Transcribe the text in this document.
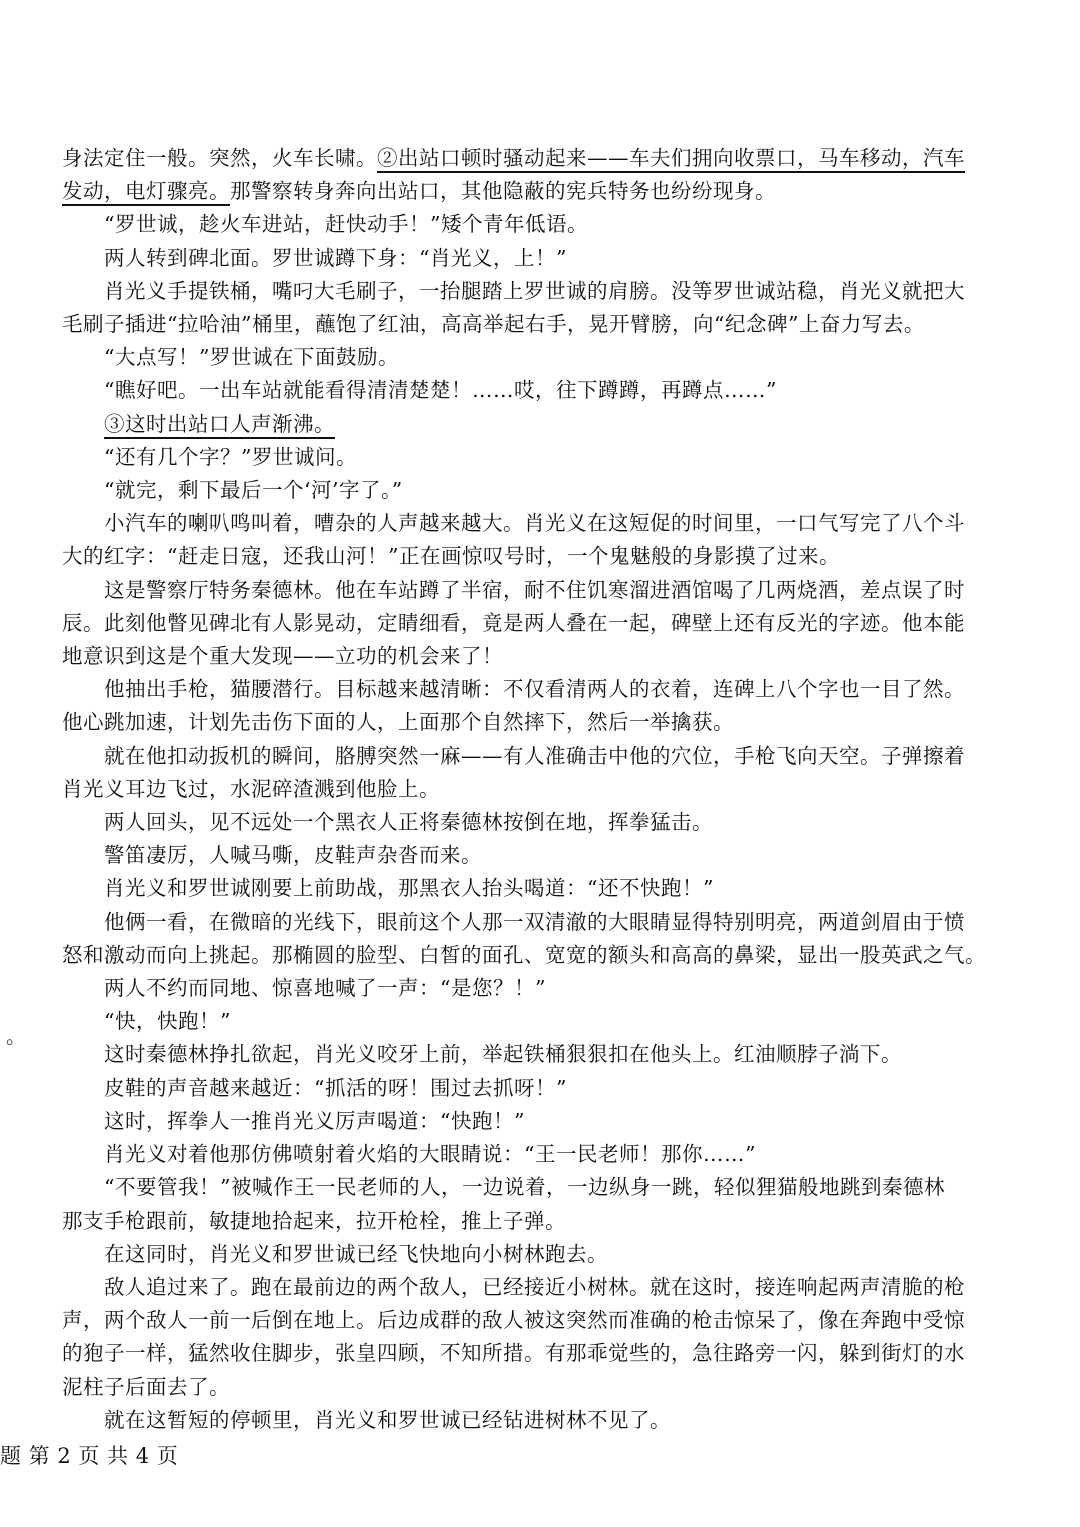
身法定住一般。突然，火车长啸。②出站口顿时骚动起来——车夫们拥向收票口，马车移动，汽车
发动，电灯骤亮。那警察转身奔向出站口，其他隐蔽的宪兵特务也纷纷现身。
“罗世诚，趁火车进站，赶快动手！”矮个青年低语。
两人转到碑北面。罗世诚蹲下身：“肖光义，上！”
肖光义手提铁桶，嘴叼大毛刷子，一抬腿踏上罗世诚的肩膀。没等罗世诚站稳，肖光义就把大
毛刷子插进“拉哈油”桶里，蘸饱了红油，高高举起右手，晃开臂膀，向“纪念碑”上奋力写去。
“大点写！”罗世诚在下面鼓励。
“瞧好吧。一出车站就能看得清清楚楚！……哎，往下蹲蹲，再蹲点……”
③这时出站口人声渐沸。
“还有几个字？”罗世诚问。
“就完，剩下最后一个‘河’字了。”
小汽车的喇叭鸣叫着，嘈杂的人声越来越大。肖光义在这短促的时间里，一口气写完了八个斗
大的红字：“赶走日寇，还我山河！”正在画惊叹号时，一个鬼魅般的身影摸了过来。
这是警察厅特务秦德林。他在车站蹲了半宿，耐不住饥寒溜进酒馆喝了几两烧酒，差点误了时
辰。此刻他瞥见碑北有人影晃动，定睛细看，竟是两人叠在一起，碑壁上还有反光的字迹。他本能
地意识到这是个重大发现——立功的机会来了！
他抽出手枪，猫腰潜行。目标越来越清晰：不仅看清两人的衣着，连碑上八个字也一目了然。
他心跳加速，计划先击伤下面的人，上面那个自然摔下，然后一举擒获。
就在他扣动扳机的瞬间，胳膊突然一麻——有人准确击中他的穴位，手枪飞向天空。子弹擦着
肖光义耳边飞过，水泥碎渣溅到他脸上。
两人回头，见不远处一个黑衣人正将秦德林按倒在地，挥拳猛击。
警笛凄厉，人喊马嘶，皮鞋声杂沓而来。
肖光义和罗世诚刚要上前助战，那黑衣人抬头喝道：“还不快跑！”
他俩一看，在微暗的光线下，眼前这个人那一双清澈的大眼睛显得特别明亮，两道剑眉由于愤
怒和激动而向上挑起。那椭圆的脸型、白皙的面孔、宽宽的额头和高高的鼻梁，显出一股英武之气。
两人不约而同地、惊喜地喊了一声：“是您？！”
“快，快跑！”
这时秦德林挣扎欲起，肖光义咬牙上前，举起铁桶狠狠扣在他头上。红油顺脖子淌下。
皮鞋的声音越来越近：“抓活的呀！围过去抓呀！”
这时，挥拳人一推肖光义厉声喝道：“快跑！”
肖光义对着他那仿佛喷射着火焰的大眼睛说：“王一民老师！那你……”
“不要管我！”被喊作王一民老师的人，一边说着，一边纵身一跳，轻似狸猫般地跳到秦德林
那支手枪跟前，敏捷地拾起来，拉开枪栓，推上子弹。
在这同时，肖光义和罗世诚已经飞快地向小树林跑去。
敌人追过来了。跑在最前边的两个敌人，已经接近小树林。就在这时，接连响起两声清脆的枪
声，两个敌人一前一后倒在地上。后边成群的敌人被这突然而准确的枪击惊呆了，像在奔跑中受惊
的狍子一样，猛然收住脚步，张皇四顾，不知所措。有那乖觉些的，急往路旁一闪，躲到街灯的水
泥柱子后面去了。
就在这暂短的停顿里，肖光义和罗世诚已经钻进树林不见了。
。
题 第 2 页 共 4 页
